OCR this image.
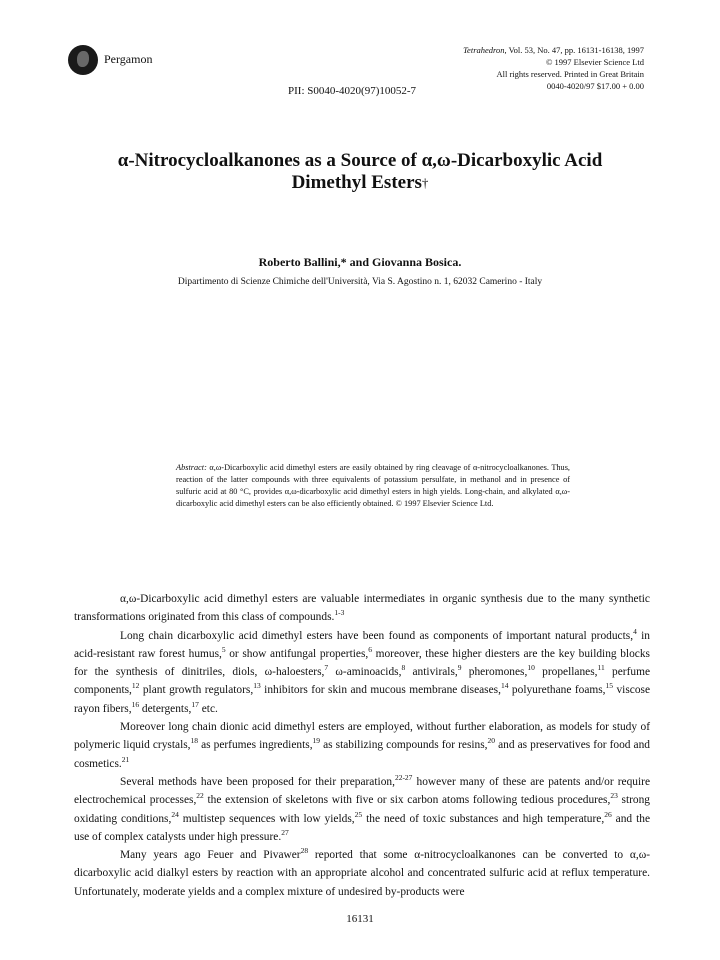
Pergamon
Tetrahedron, Vol. 53, No. 47, pp. 16131-16138, 1997
© 1997 Elsevier Science Ltd
All rights reserved. Printed in Great Britain
0040-4020/97 $17.00 + 0.00
PII: S0040-4020(97)10052-7
α-Nitrocycloalkanones as a Source of α,ω-Dicarboxylic Acid
Dimethyl Esters†
Roberto Ballini,* and Giovanna Bosica.
Dipartimento di Scienze Chimiche dell'Università, Via S. Agostino n. 1, 62032 Camerino - Italy
Abstract: α,ω-Dicarboxylic acid dimethyl esters are easily obtained by ring cleavage of α-nitrocycloalkanones. Thus, reaction of the latter compounds with three equivalents of potassium persulfate, in methanol and in presence of sulfuric acid at 80 °C, provides α,ω-dicarboxylic acid dimethyl esters in high yields. Long-chain, and alkylated α,ω-dicarboxylic acid dimethyl esters can be also efficiently obtained. © 1997 Elsevier Science Ltd.

α,ω-Dicarboxylic acid dimethyl esters are valuable intermediates in organic synthesis due to the many synthetic transformations originated from this class of compounds.$^{1-3}$

Long chain dicarboxylic acid dimethyl esters have been found as components of important natural products,$^4$ in acid-resistant raw forest humus,$^5$ or show antifungal properties,$^6$ moreover, these higher diesters are the key building blocks for the synthesis of dinitriles, diols, ω-haloesters,$^7$ ω-aminoacids,$^8$ antivirals,$^9$ pheromones,$^{10}$ propellanes,$^{11}$ perfume components,$^{12}$ plant growth regulators,$^{13}$ inhibitors for skin and mucous membrane diseases,$^{14}$ polyurethane foams,$^{15}$ viscose rayon fibers,$^{16}$ detergents,$^{17}$ etc.

Moreover long chain dionic acid dimethyl esters are employed, without further elaboration, as models for study of polymeric liquid crystals,$^{18}$ as perfumes ingredients,$^{19}$ as stabilizing compounds for resins,$^{20}$ and as preservatives for food and cosmetics.$^{21}$

Several methods have been proposed for their preparation,$^{22-27}$ however many of these are patents and/or require electrochemical processes,$^{22}$ the extension of skeletons with five or six carbon atoms following tedious procedures,$^{23}$ strong oxidating conditions,$^{24}$ multistep sequences with low yields,$^{25}$ the need of toxic substances and high temperature,$^{26}$ and the use of complex catalysts under high pressure.$^{27}$

Many years ago Feuer and Pivawer$^{28}$ reported that some α-nitrocycloalkanones can be converted to α,ω-dicarboxylic acid dialkyl esters by reaction with an appropriate alcohol and concentrated sulfuric acid at reflux temperature. Unfortunately, moderate yields and a complex mixture of undesired by-products were

16131
